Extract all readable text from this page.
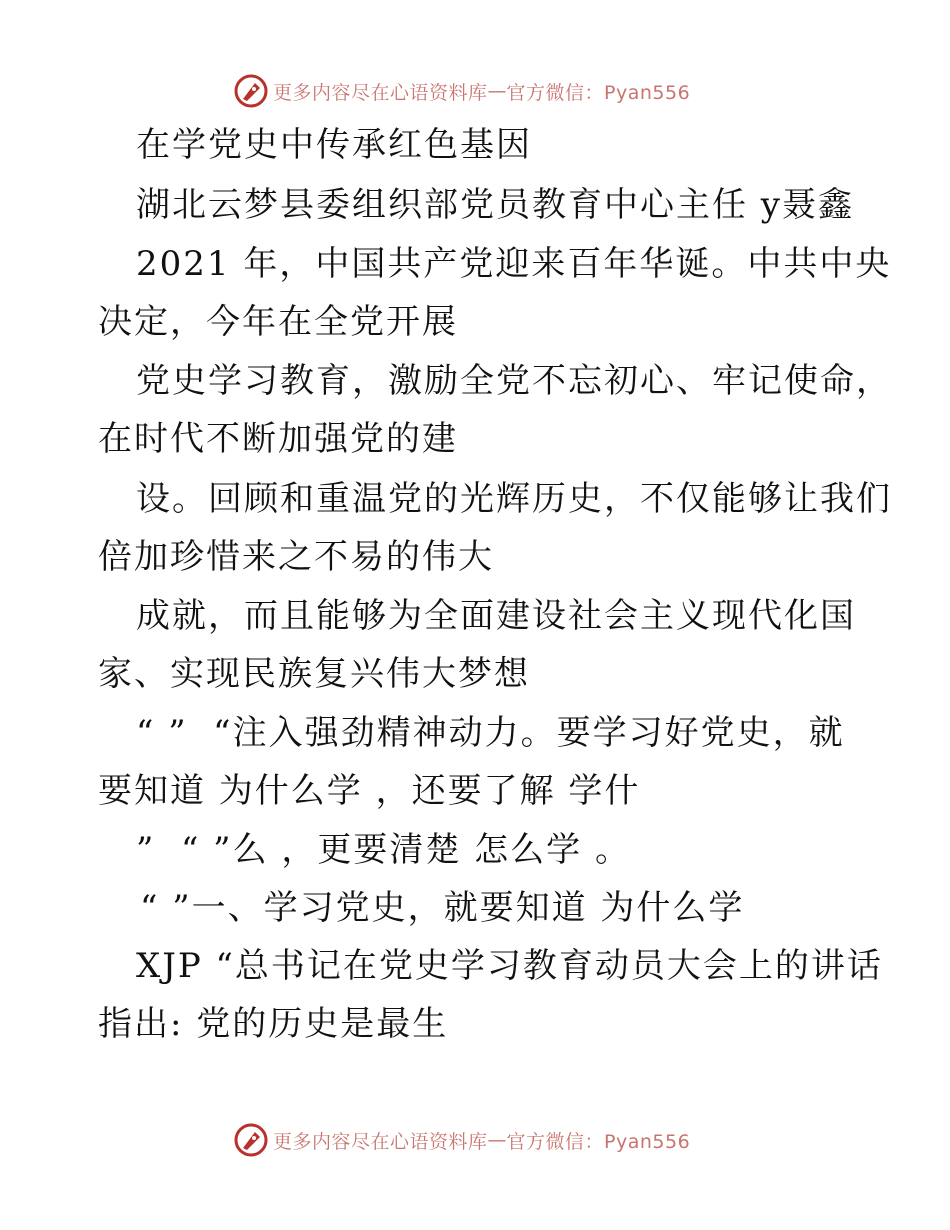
更多内容尽在心语资料库 — 官方微信：Pyan556
在学党史中传承红色基因
湖北云梦县委组织部党员教育中心主任 y聂鑫
2021 年，中国共产党迎来百年华诞。中共中央
决定，今年在全党开展
党史学习教育，激励全党不忘初心、牢记使命，
在时代不断加强党的建
设。回顾和重温党的光辉历史，不仅能够让我们
倍加珍惜来之不易的伟大
成就，而且能够为全面建设社会主义现代化国
家、实现民族复兴伟大梦想
“ ”  “注入强劲精神动力。要学习好党史，就
要知道 为什么学 ，还要了解 学什
”  “ ”么 ，更要清楚 怎么学 。
“ ”一、学习党史，就要知道 为什么学
XJP “总书记在党史学习教育动员大会上的讲话
指出: 党的历史是最生
更多内容尽在心语资料库 — 官方微信：Pyan556
